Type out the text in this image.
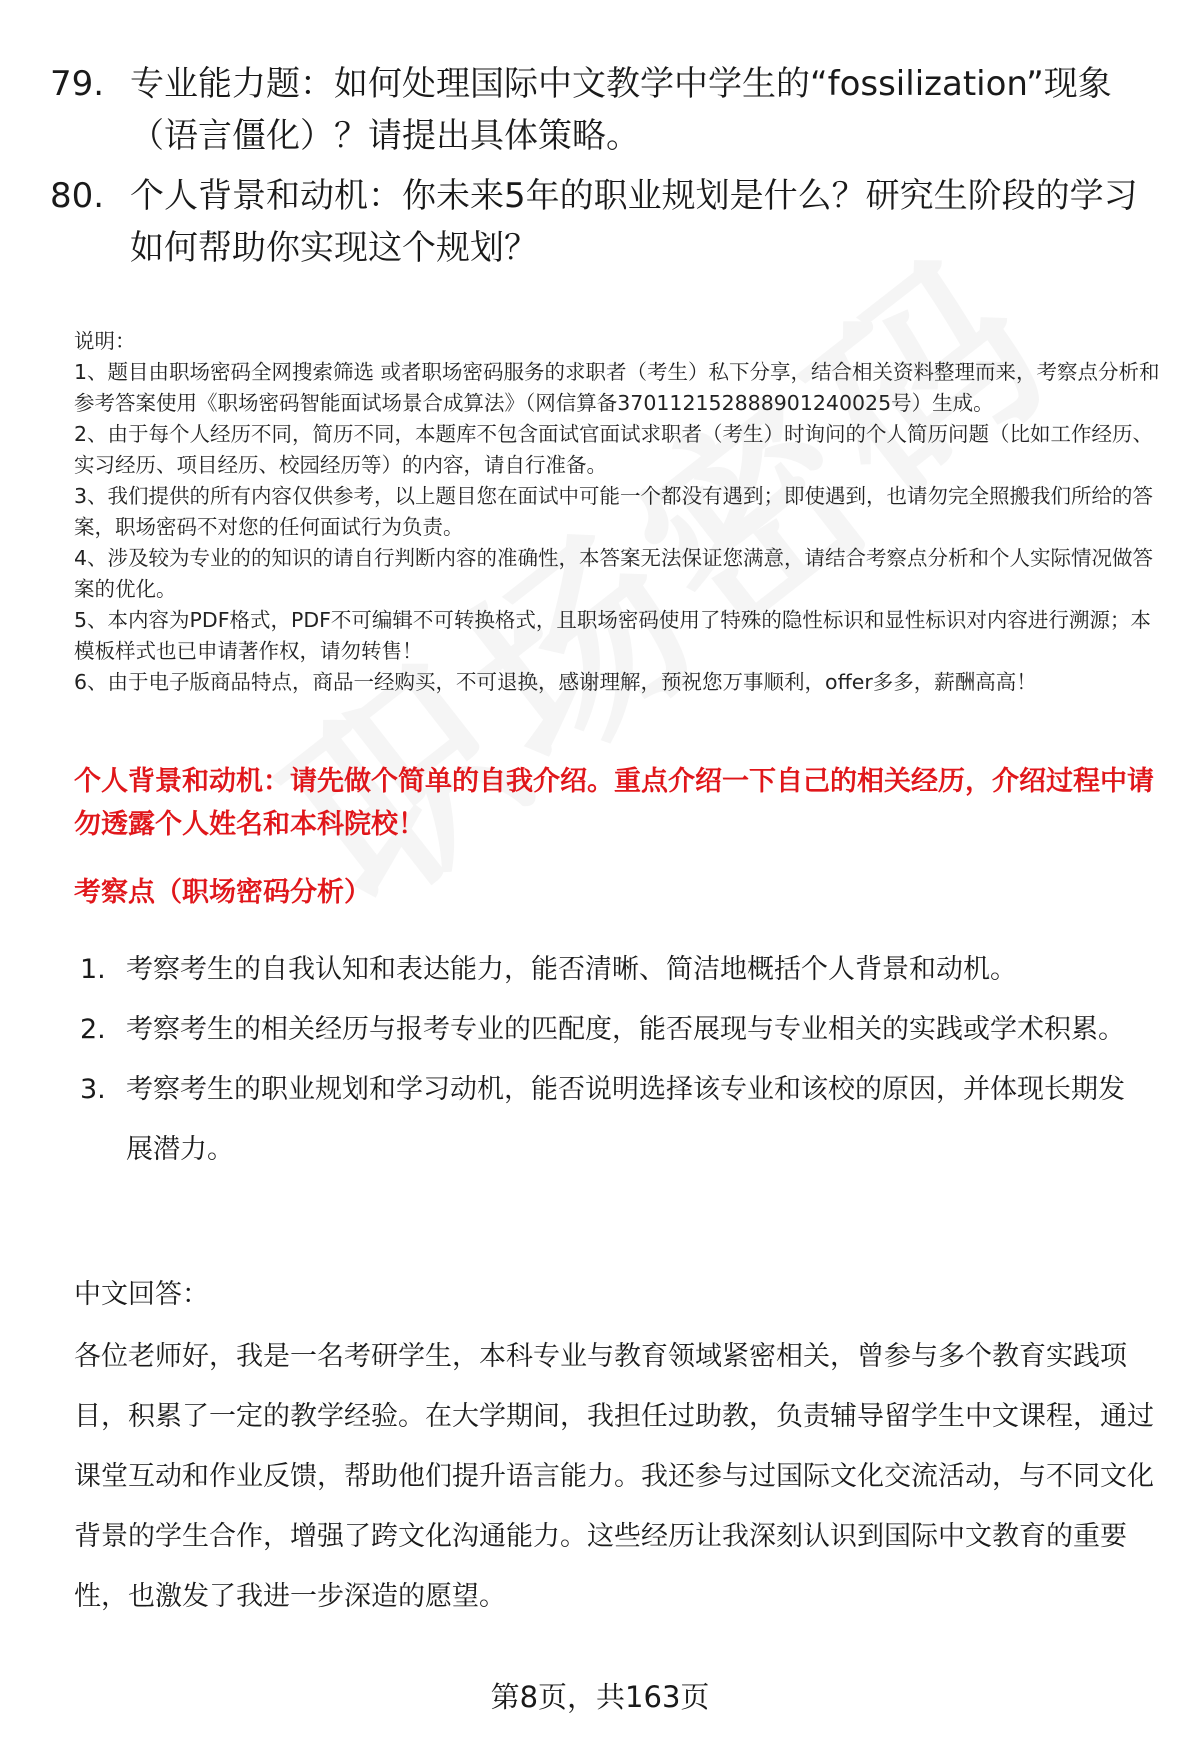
79. 专业能力题：如何处理国际中文教学中学生的“fossilization”现象（语言僵化）？请提出具体策略。
80. 个人背景和动机：你未来5年的职业规划是什么？研究生阶段的学习如何帮助你实现这个规划？

说明：

1、题目由职场密码全网搜索筛选 或者职场密码服务的求职者（考生）私下分享，结合相关资料整理而来，考察点分析和参考答案使用《职场密码智能面试场景合成算法》（网信算备370112152888901240025号）生成。

2、由于每个人经历不同，简历不同，本题库不包含面试官面试求职者（考生）时询问的个人简历问题（比如工作经历、实习经历、项目经历、校园经历等）的内容，请自行准备。

3、我们提供的所有内容仅供参考，以上题目您在面试中可能一个都没有遇到；即使遇到，也请勿完全照搬我们所给的答案，职场密码不对您的任何面试行为负责。

4、涉及较为专业的的知识的请自行判断内容的准确性，本答案无法保证您满意，请结合考察点分析和个人实际情况做答案的优化。

5、本内容为PDF格式，PDF不可编辑不可转换格式，且职场密码使用了特殊的隐性标识和显性标识对内容进行溯源；本模板样式也已申请著作权，请勿转售！

6、由于电子版商品特点，商品一经购买，不可退换，感谢理解，预祝您万事顺利，offer多多，薪酬高高！

个人背景和动机：请先做个简单的自我介绍。重点介绍一下自己的相关经历，介绍过程中请勿透露个人姓名和本科院校！
考察点（职场密码分析）
1. 考察考生的自我认知和表达能力，能否清晰、简洁地概括个人背景和动机。
2. 考察考生的相关经历与报考专业的匹配度，能否展现与专业相关的实践或学术积累。
3. 考察考生的职业规划和学习动机，能否说明选择该专业和该校的原因，并体现长期发展潜力。
中文回答：
各位老师好，我是一名考研学生，本科专业与教育领域紧密相关，曾参与多个教育实践项目，积累了一定的教学经验。在大学期间，我担任过助教，负责辅导留学生中文课程，通过课堂互动和作业反馈，帮助他们提升语言能力。我还参与过国际文化交流活动，与不同文化背景的学生合作，增强了跨文化沟通能力。这些经历让我深刻认识到国际中文教育的重要性，也激发了我进一步深造的愿望。
第8页，共163页
